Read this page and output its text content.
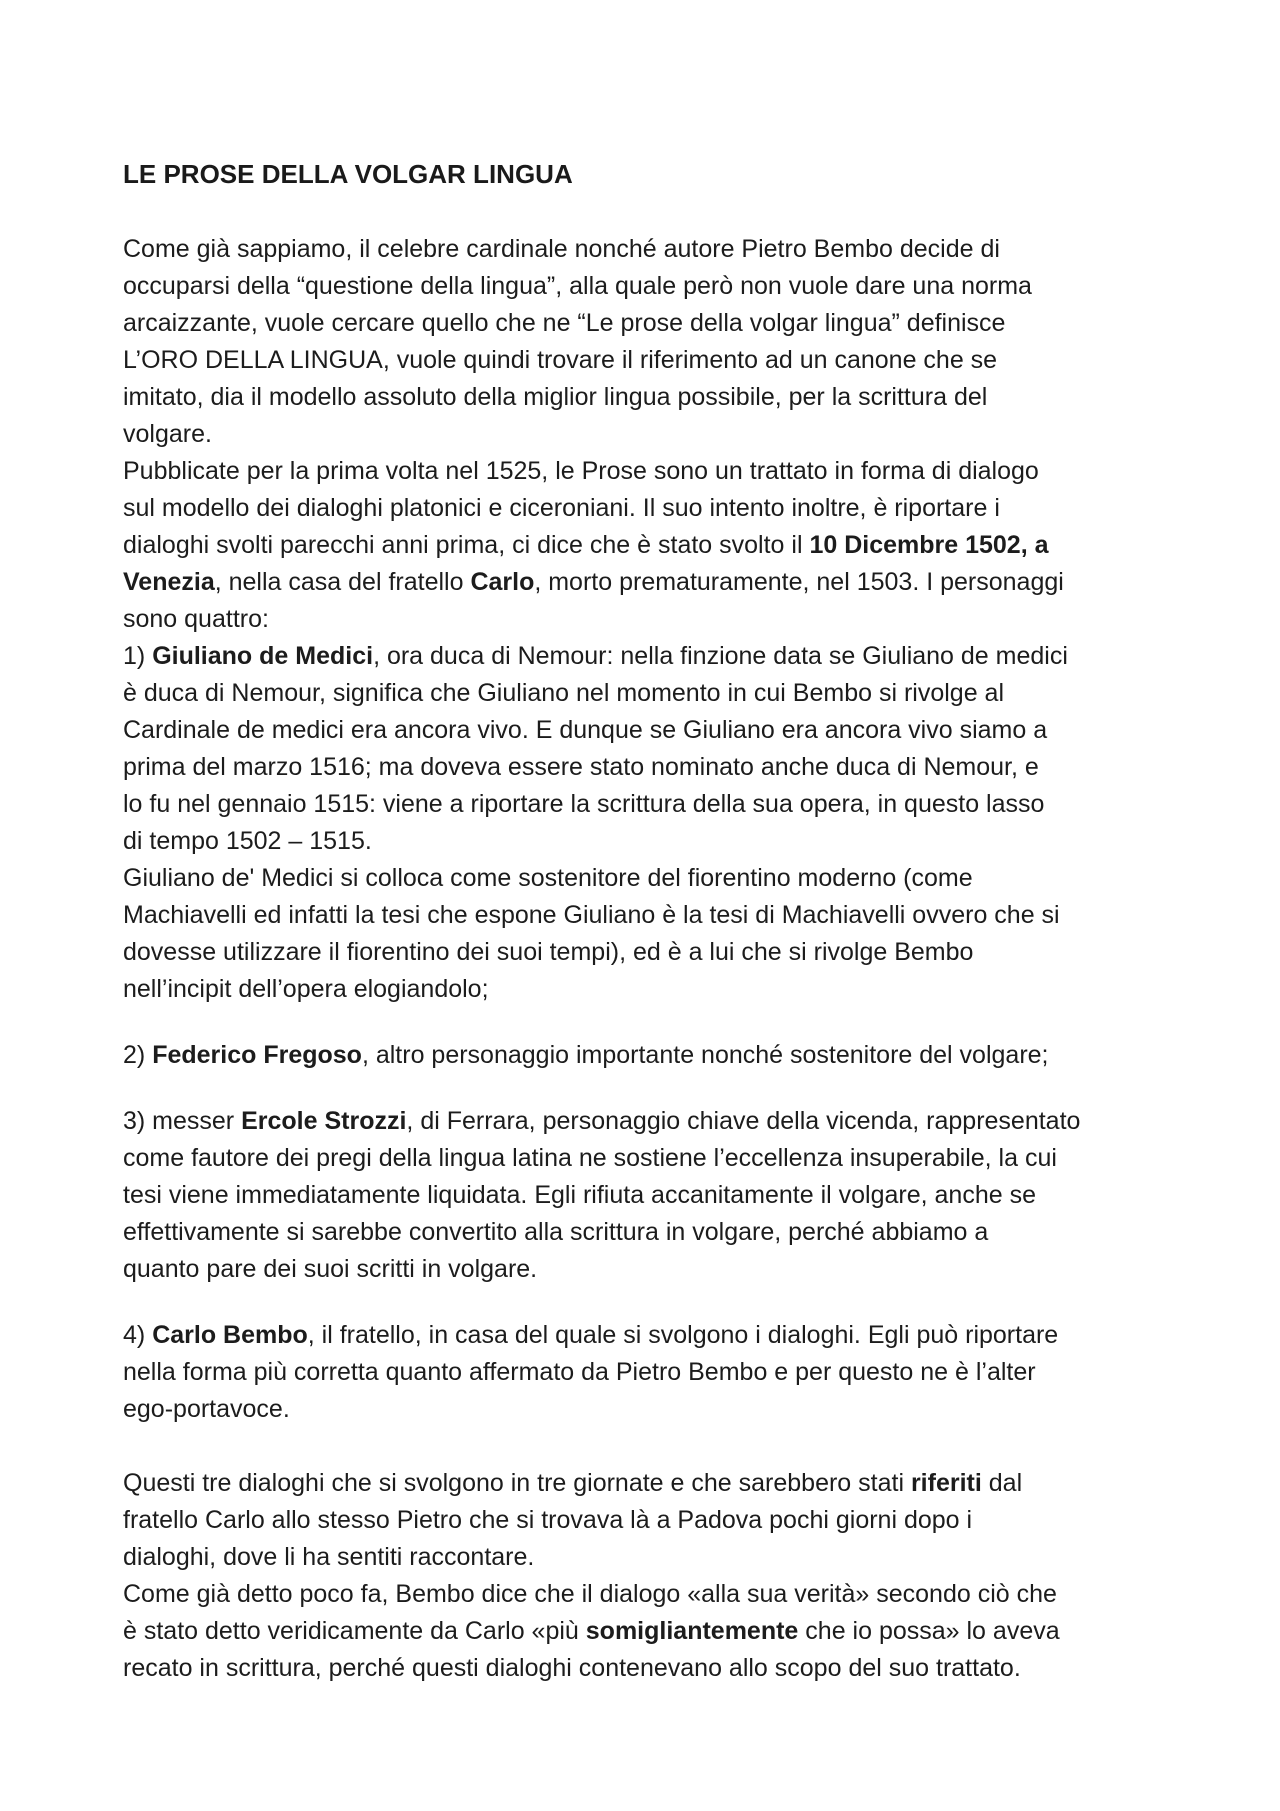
LE PROSE DELLA VOLGAR LINGUA

Come già sappiamo, il celebre cardinale nonché autore Pietro Bembo decide di
occuparsi della “questione della lingua”, alla quale però non vuole dare una norma
arcaizzante, vuole cercare quello che ne “Le prose della volgar lingua” definisce
L’ORO DELLA LINGUA, vuole quindi trovare il riferimento ad un canone che se
imitato, dia il modello assoluto della miglior lingua possibile, per la scrittura del
volgare.

Pubblicate per la prima volta nel 1525, le Prose sono un trattato in forma di dialogo
sul modello dei dialoghi platonici e ciceroniani. Il suo intento inoltre, è riportare i
dialoghi svolti parecchi anni prima, ci dice che è stato svolto il 10 Dicembre 1502, a
Venezia, nella casa del fratello Carlo, morto prematuramente, nel 1503. I personaggi
sono quattro:

1) Giuliano de Medici, ora duca di Nemour: nella finzione data se Giuliano de medici
è duca di Nemour, significa che Giuliano nel momento in cui Bembo si rivolge al
Cardinale de medici era ancora vivo. E dunque se Giuliano era ancora vivo siamo a
prima del marzo 1516; ma doveva essere stato nominato anche duca di Nemour, e
lo fu nel gennaio 1515: viene a riportare la scrittura della sua opera, in questo lasso
di tempo 1502 – 1515.

Giuliano de' Medici si colloca come sostenitore del fiorentino moderno (come
Machiavelli ed infatti la tesi che espone Giuliano è la tesi di Machiavelli ovvero che si
dovesse utilizzare il fiorentino dei suoi tempi), ed è a lui che si rivolge Bembo
nell’incipit dell’opera elogiandolo;

2) Federico Fregoso, altro personaggio importante nonché sostenitore del volgare;

3) messer Ercole Strozzi, di Ferrara, personaggio chiave della vicenda, rappresentato
come fautore dei pregi della lingua latina ne sostiene l’eccellenza insuperabile, la cui
tesi viene immediatamente liquidata. Egli rifiuta accanitamente il volgare, anche se
effettivamente si sarebbe convertito alla scrittura in volgare, perché abbiamo a
quanto pare dei suoi scritti in volgare.

4) Carlo Bembo, il fratello, in casa del quale si svolgono i dialoghi. Egli può riportare
nella forma più corretta quanto affermato da Pietro Bembo e per questo ne è l’alter
ego-portavoce.

Questi tre dialoghi che si svolgono in tre giornate e che sarebbero stati riferiti dal
fratello Carlo allo stesso Pietro che si trovava là a Padova pochi giorni dopo i
dialoghi, dove li ha sentiti raccontare.

Come già detto poco fa, Bembo dice che il dialogo «alla sua verità» secondo ciò che
è stato detto veridicamente da Carlo «più somigliantemente che io possa» lo aveva
recato in scrittura, perché questi dialoghi contenevano allo scopo del suo trattato.
